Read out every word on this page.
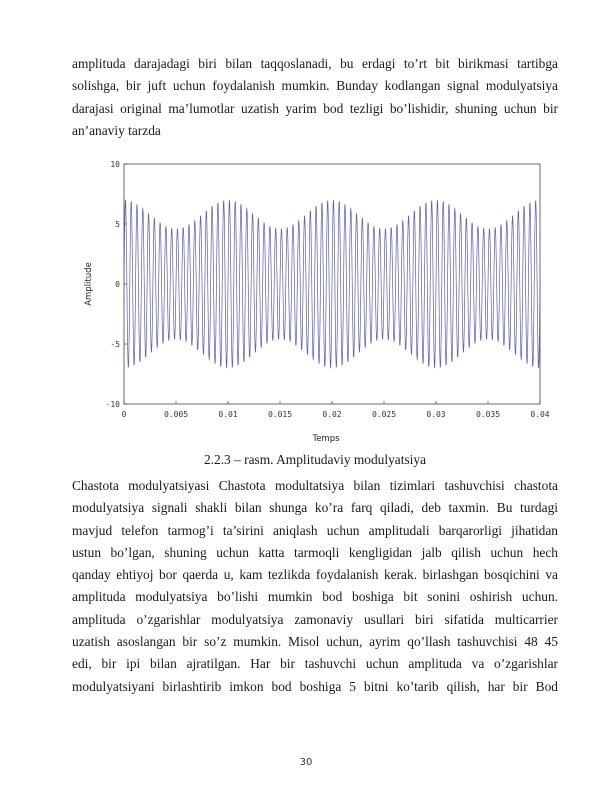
amplituda darajadagi biri bilan taqqoslanadi, bu erdagi to’rt bit birikmasi tartibga
solishga, bir juft uchun foydalanish mumkin. Bunday kodlangan signal modulyatsiya
darajasi original ma’lumotlar uzatish yarim bod tezligi bo’lishidir, shuning uchun bir
an’anaviy tarzda

0	0.005	0.01	0.015	0.02	0.025	0.03	0.035	0.04
10
5
0
-5
-10
Temps
Amplitude
2.2.3 – rasm. Amplitudaviy modulyatsiya

Chastota modulyatsiyasi Chastota modultatsiya bilan tizimlari tashuvchisi chastota
modulyatsiya signali shakli bilan shunga ko’ra farq qiladi, deb taxmin. Bu turdagi
mavjud telefon tarmog’i ta’sirini aniqlash uchun amplitudali barqarorligi jihatidan
ustun bo’lgan, shuning uchun katta tarmoqli kengligidan jalb qilish uchun hech
qanday ehtiyoj bor qaerda u, kam tezlikda foydalanish kerak. birlashgan bosqichini va
amplituda modulyatsiya bo’lishi mumkin bod boshiga bit sonini oshirish uchun.
amplituda o’zgarishlar modulyatsiya zamonaviy usullari biri sifatida multicarrier
uzatish asoslangan bir so’z mumkin. Misol uchun, ayrim qo’llash tashuvchisi 48 45
edi, bir ipi bilan ajratilgan. Har bir tashuvchi uchun amplituda va o’zgarishlar
modulyatsiyani birlashtirib imkon bod boshiga 5 bitni ko’tarib qilish, har bir Bod

30
